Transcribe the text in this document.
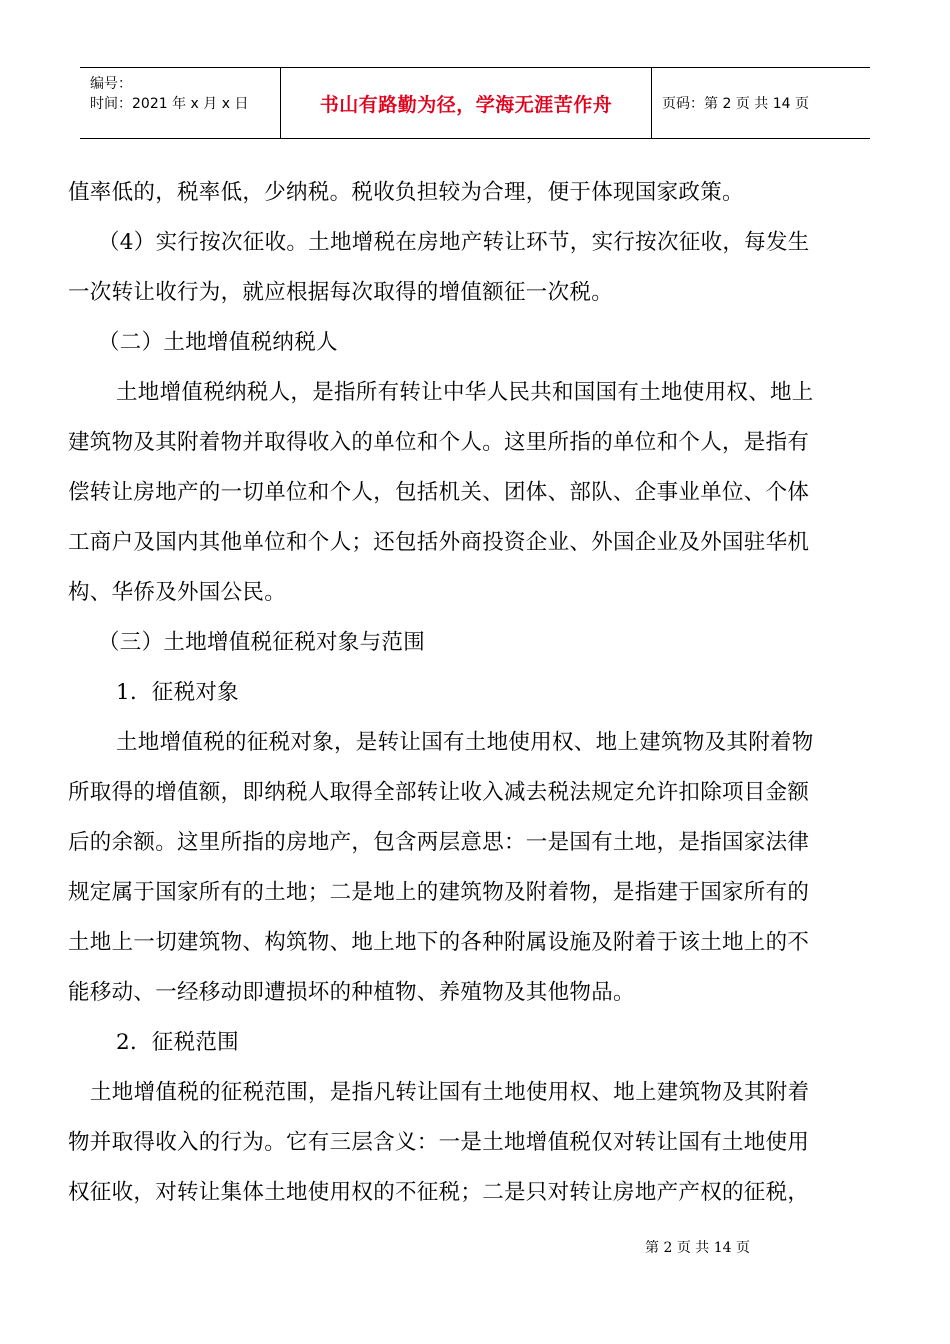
编号：
时间：2021 年 x 月 x 日	书山有路勤为径，学海无涯苦作舟	页码：第 2 页 共 14 页
值率低的，税率低，少纳税。税收负担较为合理，便于体现国家政策。
（4）实行按次征收。土地增税在房地产转让环节，实行按次征收，每发生
一次转让收行为，就应根据每次取得的增值额征一次税。
（二）土地增值税纳税人
土地增值税纳税人，是指所有转让中华人民共和国国有土地使用权、地上
建筑物及其附着物并取得收入的单位和个人。这里所指的单位和个人，是指有
偿转让房地产的一切单位和个人，包括机关、团体、部队、企事业单位、个体
工商户及国内其他单位和个人；还包括外商投资企业、外国企业及外国驻华机
构、华侨及外国公民。
（三）土地增值税征税对象与范围
1．征税对象
土地增值税的征税对象，是转让国有土地使用权、地上建筑物及其附着物
所取得的增值额，即纳税人取得全部转让收入减去税法规定允许扣除项目金额
后的余额。这里所指的房地产，包含两层意思：一是国有土地，是指国家法律
规定属于国家所有的土地；二是地上的建筑物及附着物，是指建于国家所有的
土地上一切建筑物、构筑物、地上地下的各种附属设施及附着于该土地上的不
能移动、一经移动即遭损坏的种植物、养殖物及其他物品。
2．征税范围
土地增值税的征税范围，是指凡转让国有土地使用权、地上建筑物及其附着
物并取得收入的行为。它有三层含义：一是土地增值税仅对转让国有土地使用
权征收，对转让集体土地使用权的不征税；二是只对转让房地产产权的征税，
第 2 页 共 14 页
